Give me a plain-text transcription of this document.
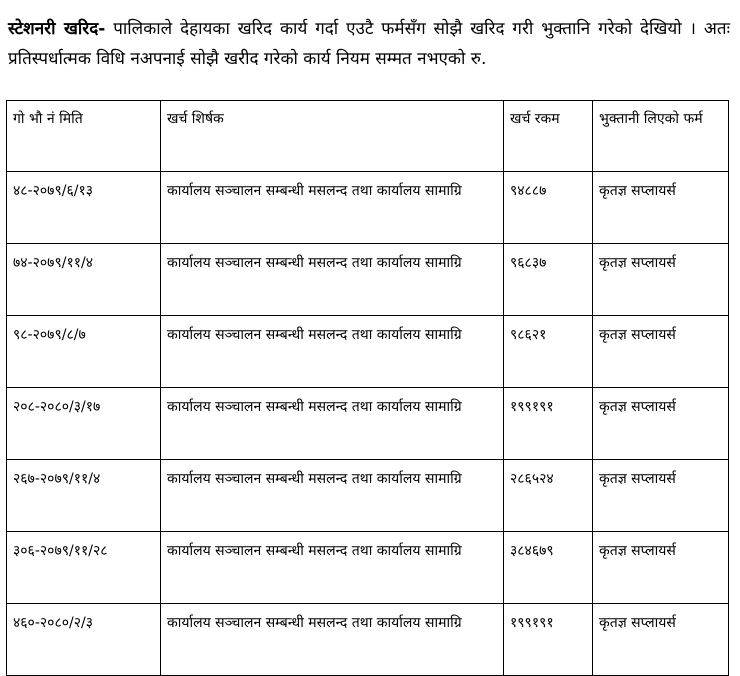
स्टेशनरी खरिद- पालिकाले देहायका खरिद कार्य गर्दा एउटै फर्मसँग सोझै खरिद गरी भुक्तानि गरेको देखियो । अतः प्रतिस्पर्धात्मक विधि नअपनाई सोझै खरीद गरेको कार्य नियम सम्मत नभएको रु.

गो भौ नं मिति	खर्च शिर्षक	खर्च रकम	भुक्तानी लिएको फर्म
४८-२०७९/६/१३	कार्यालय सञ्चालन सम्बन्धी मसलन्द तथा कार्यालय सामाग्रि	९४८८७	कृतज्ञ सप्लायर्स
७४-२०७९/११/४	कार्यालय सञ्चालन सम्बन्धी मसलन्द तथा कार्यालय सामाग्रि	९६८३७	कृतज्ञ सप्लायर्स
९८-२०७९/८/७	कार्यालय सञ्चालन सम्बन्धी मसलन्द तथा कार्यालय सामाग्रि	९८६२१	कृतज्ञ सप्लायर्स
२०८-२०८०/३/१७	कार्यालय सञ्चालन सम्बन्धी मसलन्द तथा कार्यालय सामाग्रि	१९९१९१	कृतज्ञ सप्लायर्स
२६७-२०७९/११/४	कार्यालय सञ्चालन सम्बन्धी मसलन्द तथा कार्यालय सामाग्रि	२८६५२४	कृतज्ञ सप्लायर्स
३०६-२०७९/११/२८	कार्यालय सञ्चालन सम्बन्धी मसलन्द तथा कार्यालय सामाग्रि	३८४६७९	कृतज्ञ सप्लायर्स
४६०-२०८०/२/३	कार्यालय सञ्चालन सम्बन्धी मसलन्द तथा कार्यालय सामाग्रि	१९९१९१	कृतज्ञ सप्लायर्स
